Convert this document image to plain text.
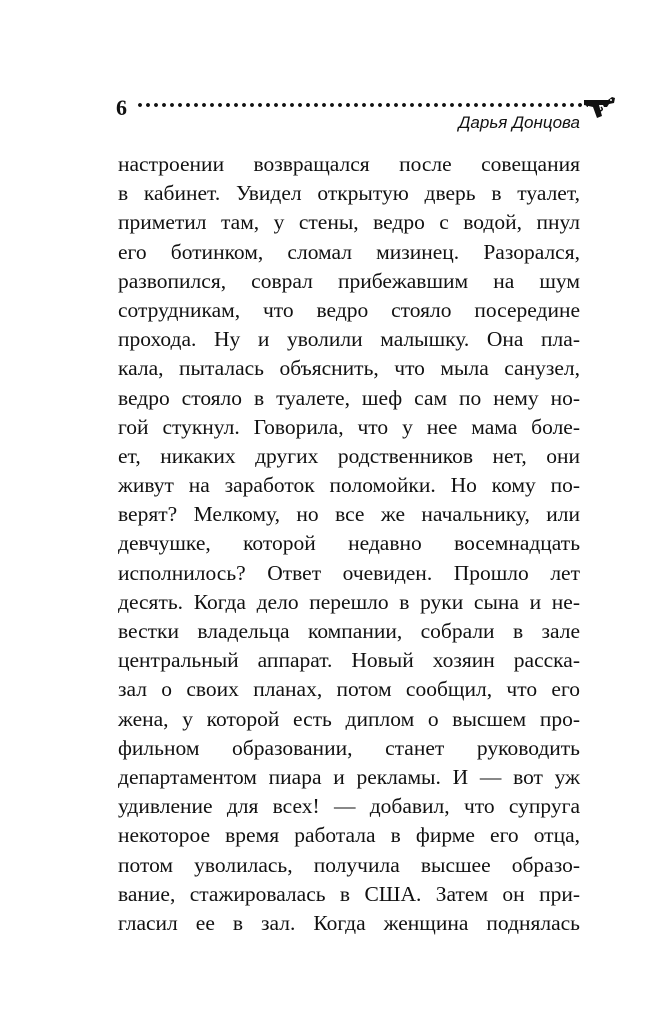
6
Дарья Донцова
настроении возвращался после совещания
в кабинет. Увидел открытую дверь в туалет,
приметил там, у стены, ведро с водой, пнул
его ботинком, сломал мизинец. Разорался,
развопился, соврал прибежавшим на шум
сотрудникам, что ведро стояло посередине
прохода. Ну и уволили малышку. Она пла-
кала, пыталась объяснить, что мыла санузел,
ведро стояло в туалете, шеф сам по нему но-
гой стукнул. Говорила, что у нее мама боле-
ет, никаких других родственников нет, они
живут на заработок поломойки. Но кому по-
верят? Мелкому, но все же начальнику, или
девчушке, которой недавно восемнадцать
исполнилось? Ответ очевиден. Прошло лет
десять. Когда дело перешло в руки сына и не-
вестки владельца компании, собрали в зале
центральный аппарат. Новый хозяин расска-
зал о своих планах, потом сообщил, что его
жена, у которой есть диплом о высшем про-
фильном образовании, станет руководить
департаментом пиара и рекламы. И — вот уж
удивление для всех! — добавил, что супруга
некоторое время работала в фирме его отца,
потом уволилась, получила высшее образо-
вание, стажировалась в США. Затем он при-
гласил ее в зал. Когда женщина поднялась
